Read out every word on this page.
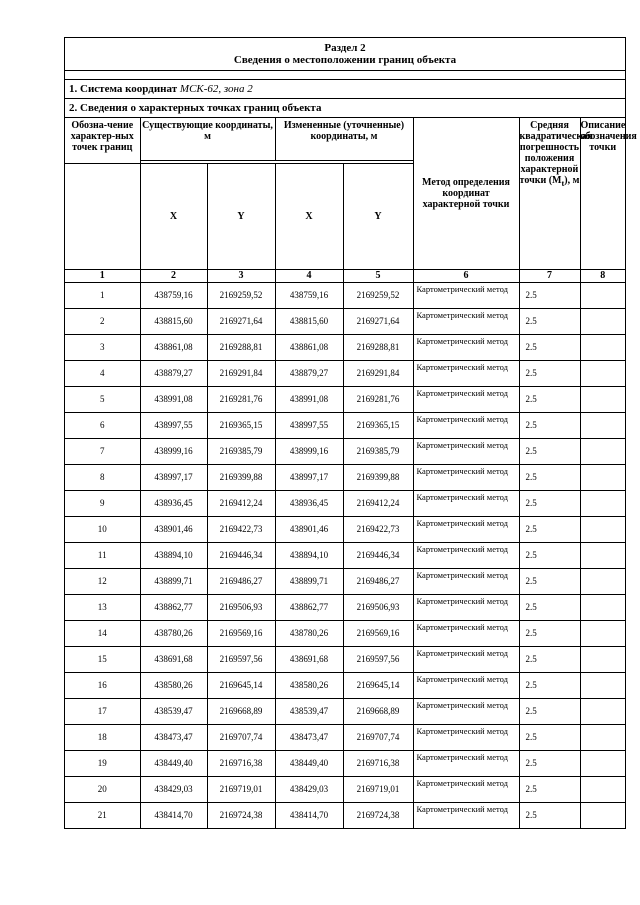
Раздел 2
Сведения о местоположении границ объекта
1. Система координат МСК-62, зона 2
2. Сведения о характерных точках границ объекта
Обозна-чение характер-ных точек границ	Существующие координаты, м		Измененные (уточненные) координаты, м		Метод определения координат характерной точки	Средняя квадратическая погрешность положения характерной точки $(M_t)$, м	Описание обозначения точки

	X	Y	X	Y			
1	2	3	4	5	6	7	8
1	438759,16	2169259,52	438759,16	2169259,52	Картометрический метод	2.5	
2	438815,60	2169271,64	438815,60	2169271,64	Картометрический метод	2.5	
3	438861,08	2169288,81	438861,08	2169288,81	Картометрический метод	2.5	
4	438879,27	2169291,84	438879,27	2169291,84	Картометрический метод	2.5	
5	438991,08	2169281,76	438991,08	2169281,76	Картометрический метод	2.5	
6	438997,55	2169365,15	438997,55	2169365,15	Картометрический метод	2.5	
7	438999,16	2169385,79	438999,16	2169385,79	Картометрический метод	2.5	
8	438997,17	2169399,88	438997,17	2169399,88	Картометрический метод	2.5	
9	438936,45	2169412,24	438936,45	2169412,24	Картометрический метод	2.5	
10	438901,46	2169422,73	438901,46	2169422,73	Картометрический метод	2.5	
11	438894,10	2169446,34	438894,10	2169446,34	Картометрический метод	2.5	
12	438899,71	2169486,27	438899,71	2169486,27	Картометрический метод	2.5	
13	438862,77	2169506,93	438862,77	2169506,93	Картометрический метод	2.5	
14	438780,26	2169569,16	438780,26	2169569,16	Картометрический метод	2.5	
15	438691,68	2169597,56	438691,68	2169597,56	Картометрический метод	2.5	
16	438580,26	2169645,14	438580,26	2169645,14	Картометрический метод	2.5	
17	438539,47	2169668,89	438539,47	2169668,89	Картометрический метод	2.5	
18	438473,47	2169707,74	438473,47	2169707,74	Картометрический метод	2.5	
19	438449,40	2169716,38	438449,40	2169716,38	Картометрический метод	2.5	
20	438429,03	2169719,01	438429,03	2169719,01	Картометрический метод	2.5	
21	438414,70	2169724,38	438414,70	2169724,38	Картометрический метод	2.5	
